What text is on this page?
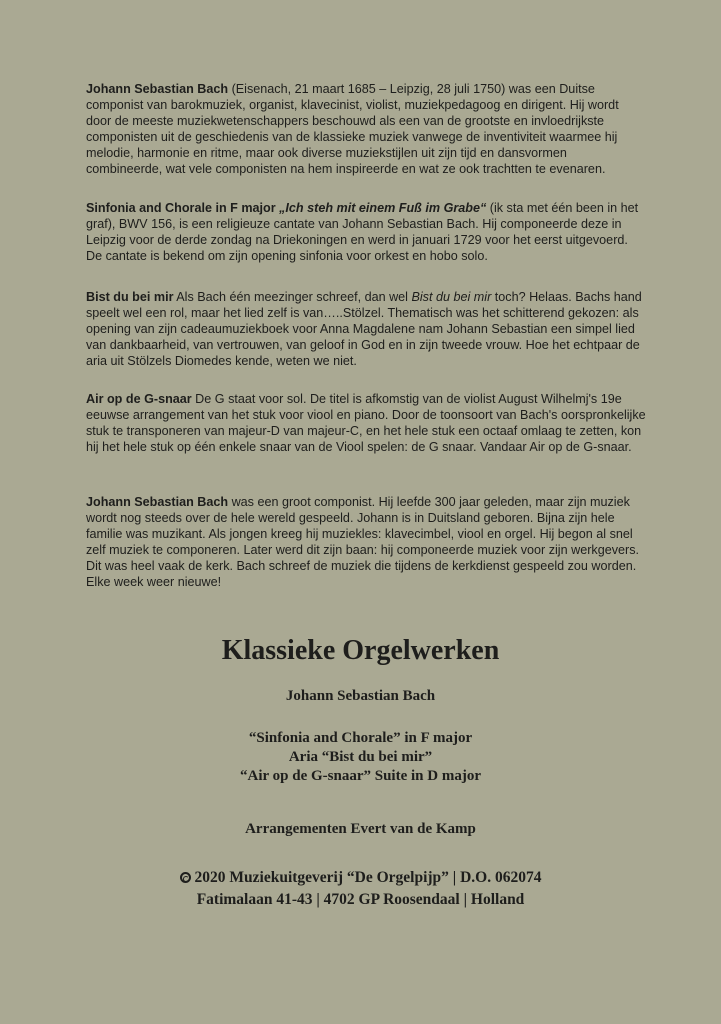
Johann Sebastian Bach (Eisenach, 21 maart 1685 – Leipzig, 28 juli 1750) was een Duitse componist van barokmuziek, organist, klavecinist, violist, muziekpedagoog en dirigent. Hij wordt door de meeste muziekwetenschappers beschouwd als een van de grootste en invloedrijkste componisten uit de geschiedenis van de klassieke muziek vanwege de inventiviteit waarmee hij melodie, harmonie en ritme, maar ook diverse muziekstijlen uit zijn tijd en dansvormen combineerde, wat vele componisten na hem inspireerde en wat ze ook trachtten te evenaren.

Sinfonia and Chorale in F major „Ich steh mit einem Fuß im Grabe“ (ik sta met één been in het graf), BWV 156, is een religieuze cantate van Johann Sebastian Bach. Hij componeerde deze in Leipzig voor de derde zondag na Driekoningen en werd in januari 1729 voor het eerst uitgevoerd. De cantate is bekend om zijn opening sinfonia voor orkest en hobo solo.

Bist du bei mir Als Bach één meezinger schreef, dan wel Bist du bei mir toch? Helaas. Bachs hand speelt wel een rol, maar het lied zelf is van…..Stölzel. Thematisch was het schitterend gekozen: als opening van zijn cadeaumuziekboek voor Anna Magdalene nam Johann Sebastian een simpel lied van dankbaarheid, van vertrouwen, van geloof in God en in zijn tweede vrouw. Hoe het echtpaar de aria uit Stölzels Diomedes kende, weten we niet.

Air op de G-snaar De G staat voor sol. De titel is afkomstig van de violist August Wilhelmj's 19e eeuwse arrangement van het stuk voor viool en piano. Door de toonsoort van Bach's oorspronkelijke stuk te transponeren van majeur-D van majeur-C, en het hele stuk een octaaf omlaag te zetten, kon hij het hele stuk op één enkele snaar van de Viool spelen: de G snaar. Vandaar Air op de G-snaar.

Johann Sebastian Bach was een groot componist. Hij leefde 300 jaar geleden, maar zijn muziek wordt nog steeds over de hele wereld gespeeld. Johann is in Duitsland geboren. Bijna zijn hele familie was muzikant. Als jongen kreeg hij muziekles: klavecimbel, viool en orgel. Hij begon al snel zelf muziek te componeren. Later werd dit zijn baan: hij componeerde muziek voor zijn werkgevers. Dit was heel vaak de kerk. Bach schreef de muziek die tijdens de kerkdienst gespeeld zou worden.
Elke week weer nieuwe!

Klassieke Orgelwerken
Johann Sebastian Bach
“Sinfonia and Chorale” in F major
Aria “Bist du bei mir”
“Air op de G-snaar” Suite in D major
Arrangementen Evert van de Kamp
2020 Muziekuitgeverij “De Orgelpijp” | D.O. 062074
Fatimalaan 41-43 | 4702 GP Roosendaal | Holland
